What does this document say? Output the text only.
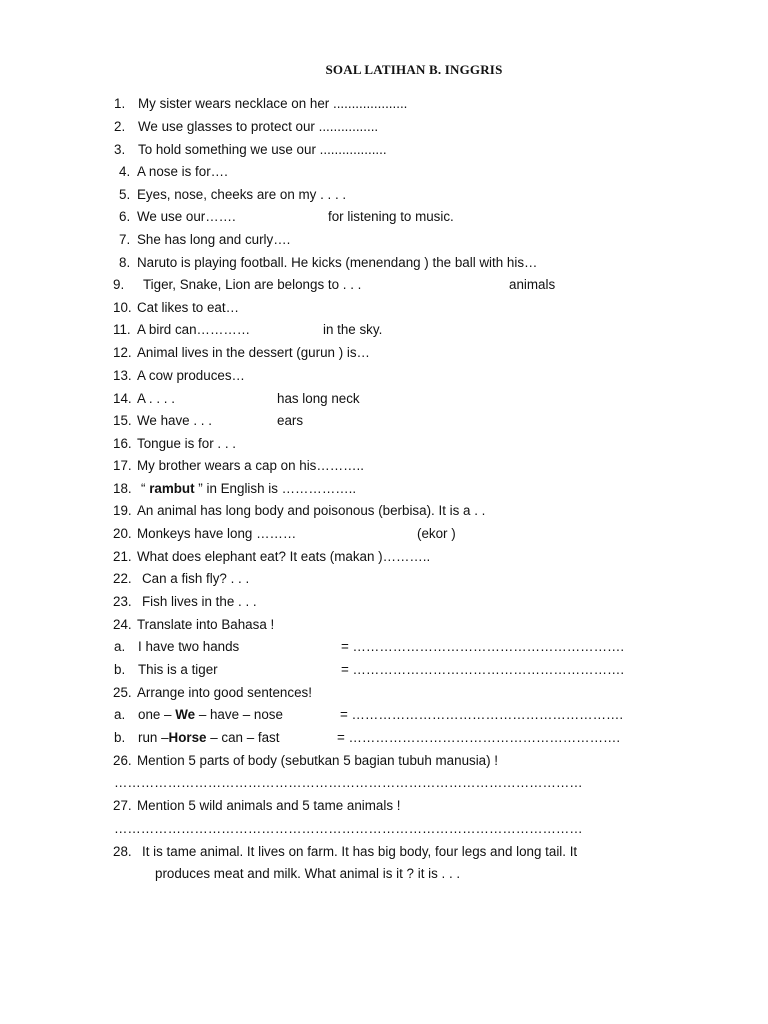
SOAL LATIHAN B. INGGRIS
1. My sister wears necklace on her ....................
2. We use glasses to protect our ................
3. To hold something we use our ..................
4. A nose is for….
5. Eyes, nose, cheeks are on my . . . .
6. We use our…….	for listening to music.
7. She has long and curly….
8. Naruto is playing football. He kicks (menendang ) the ball with his…
9. Tiger, Snake, Lion are belongs to . . .	animals
10. Cat likes to eat…
11. A bird can…………	in the sky.
12. Animal lives in the dessert (gurun ) is…
13. A cow produces…
14. A . . . .	has long neck
15. We have . . .	ears
16. Tongue is for . . .
17. My brother wears a cap on his………..
18. “ rambut ” in English is ……………..
19. An animal has long body and poisonous (berbisa). It is a . .
20. Monkeys have long ………	(ekor )
21. What does elephant eat? It eats (makan )………..
22. Can a fish fly? . . .
23. Fish lives in the . . .
24. Translate into Bahasa !
a. I have two hands	= …………………………………………………….
b. This is a tiger	= …………………………………………………….
25. Arrange into good sentences!
a. one – We – have – nose	= …………………………………………………….
b. run –Horse – can – fast	= …………………………………………………….
26. Mention 5 parts of body (sebutkan 5 bagian tubuh manusia) !
……………………………………………………………………………………………
27. Mention 5 wild animals and 5 tame animals !
……………………………………………………………………………………………
28. It is tame animal. It lives on farm. It has big body, four legs and long tail. It
produces meat and milk. What animal is it ? it is . . .
